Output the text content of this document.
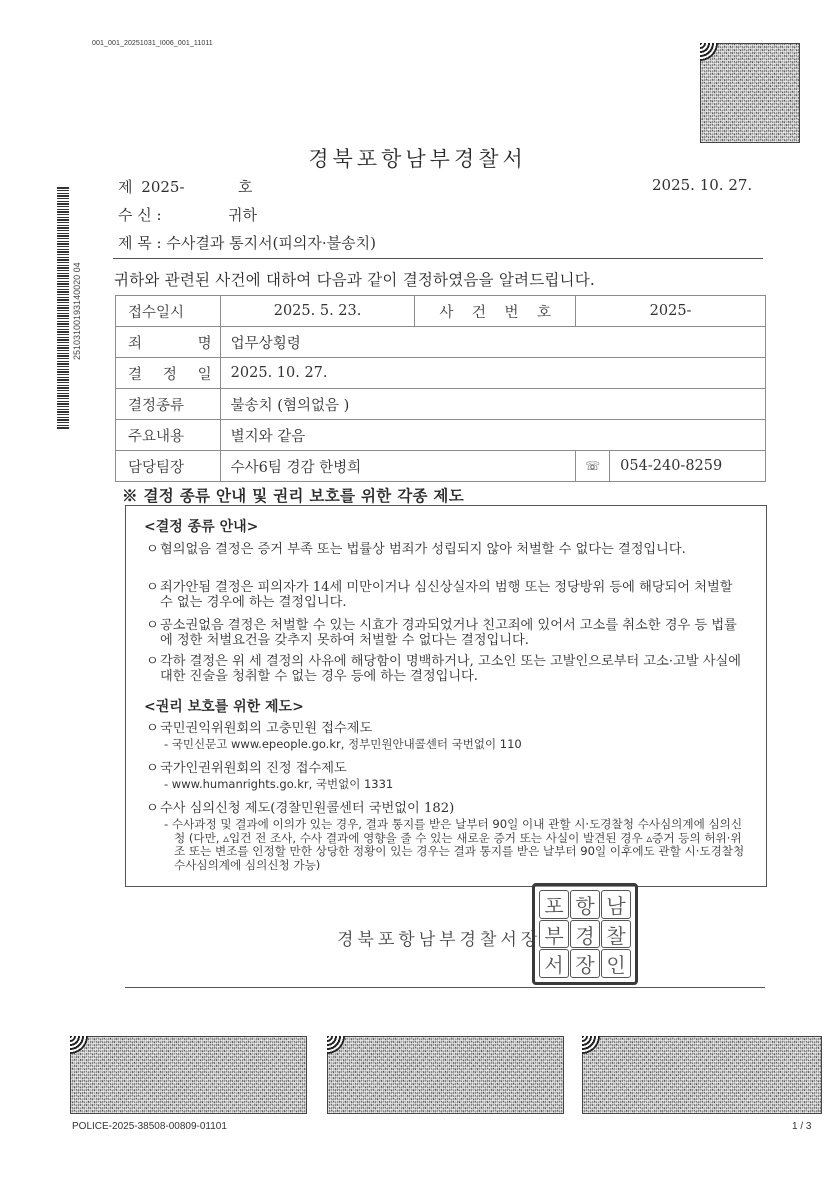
001_001_20251031_I006_001_11011
25103100193140020 04
경북포항남부경찰서
제 2025-	호	2025. 10. 27.
수 신 :	귀하
제 목 : 수사결과 통지서(피의자·불송치)
귀하와 관련된 사건에 대하여 다음과 같이 결정하였음을 알려드립니다.
접수일시	2025. 5. 23.	사 건 번 호	2025-	
죄 명	업무상횡령			
결 정 일	2025. 10. 27.			
결정종류	불송치 (혐의없음 )			
주요내용	별지와 같음			
담당팀장	수사6팀 경감 한병희		☏	054-240-8259
※ 결정 종류 안내 및 권리 보호를 위한 각종 제도
<결정 종류 안내>
ㅇ혐의없음 결정은 증거 부족 또는 법률상 범죄가 성립되지 않아 처벌할 수 없다는 결정입니다.
ㅇ죄가안됨 결정은 피의자가 14세 미만이거나 심신상실자의 범행 또는 정당방위 등에 해당되어 처벌할 수 없는 경우에 하는 결정입니다.
ㅇ공소권없음 결정은 처벌할 수 있는 시효가 경과되었거나 친고죄에 있어서 고소를 취소한 경우 등 법률에 정한 처벌요건을 갖추지 못하여 처벌할 수 없다는 결정입니다.
ㅇ각하 결정은 위 세 결정의 사유에 해당함이 명백하거나, 고소인 또는 고발인으로부터 고소·고발 사실에 대한 진술을 청취할 수 없는 경우 등에 하는 결정입니다.
<권리 보호를 위한 제도>
ㅇ국민권익위원회의 고충민원 접수제도
- 국민신문고 www.epeople.go.kr, 정부민원안내콜센터 국번없이 110
ㅇ국가인권위원회의 진정 접수제도
- www.humanrights.go.kr, 국번없이 1331
ㅇ수사 심의신청 제도(경찰민원콜센터 국번없이 182)
- 수사과정 및 결과에 이의가 있는 경우, 결과 통지를 받은 날부터 90일 이내 관할 시·도경찰청 수사심의계에 심의신청 (다만, ▵입건 전 조사, 수사 결과에 영향을 줄 수 있는 새로운 증거 또는 사실이 발견된 경우 ▵증거 등의 허위·위조 또는 변조를 인정할 만한 상당한 정황이 있는 경우는 결과 통지를 받은 날부터 90일 이후에도 관할 시·도경찰청 수사심의계에 심의신청 가능)
경북포항남부경찰서장
포 항 남
부 경 찰
서 장 인
POLICE-2025-38508-00809-01101	1 / 3
